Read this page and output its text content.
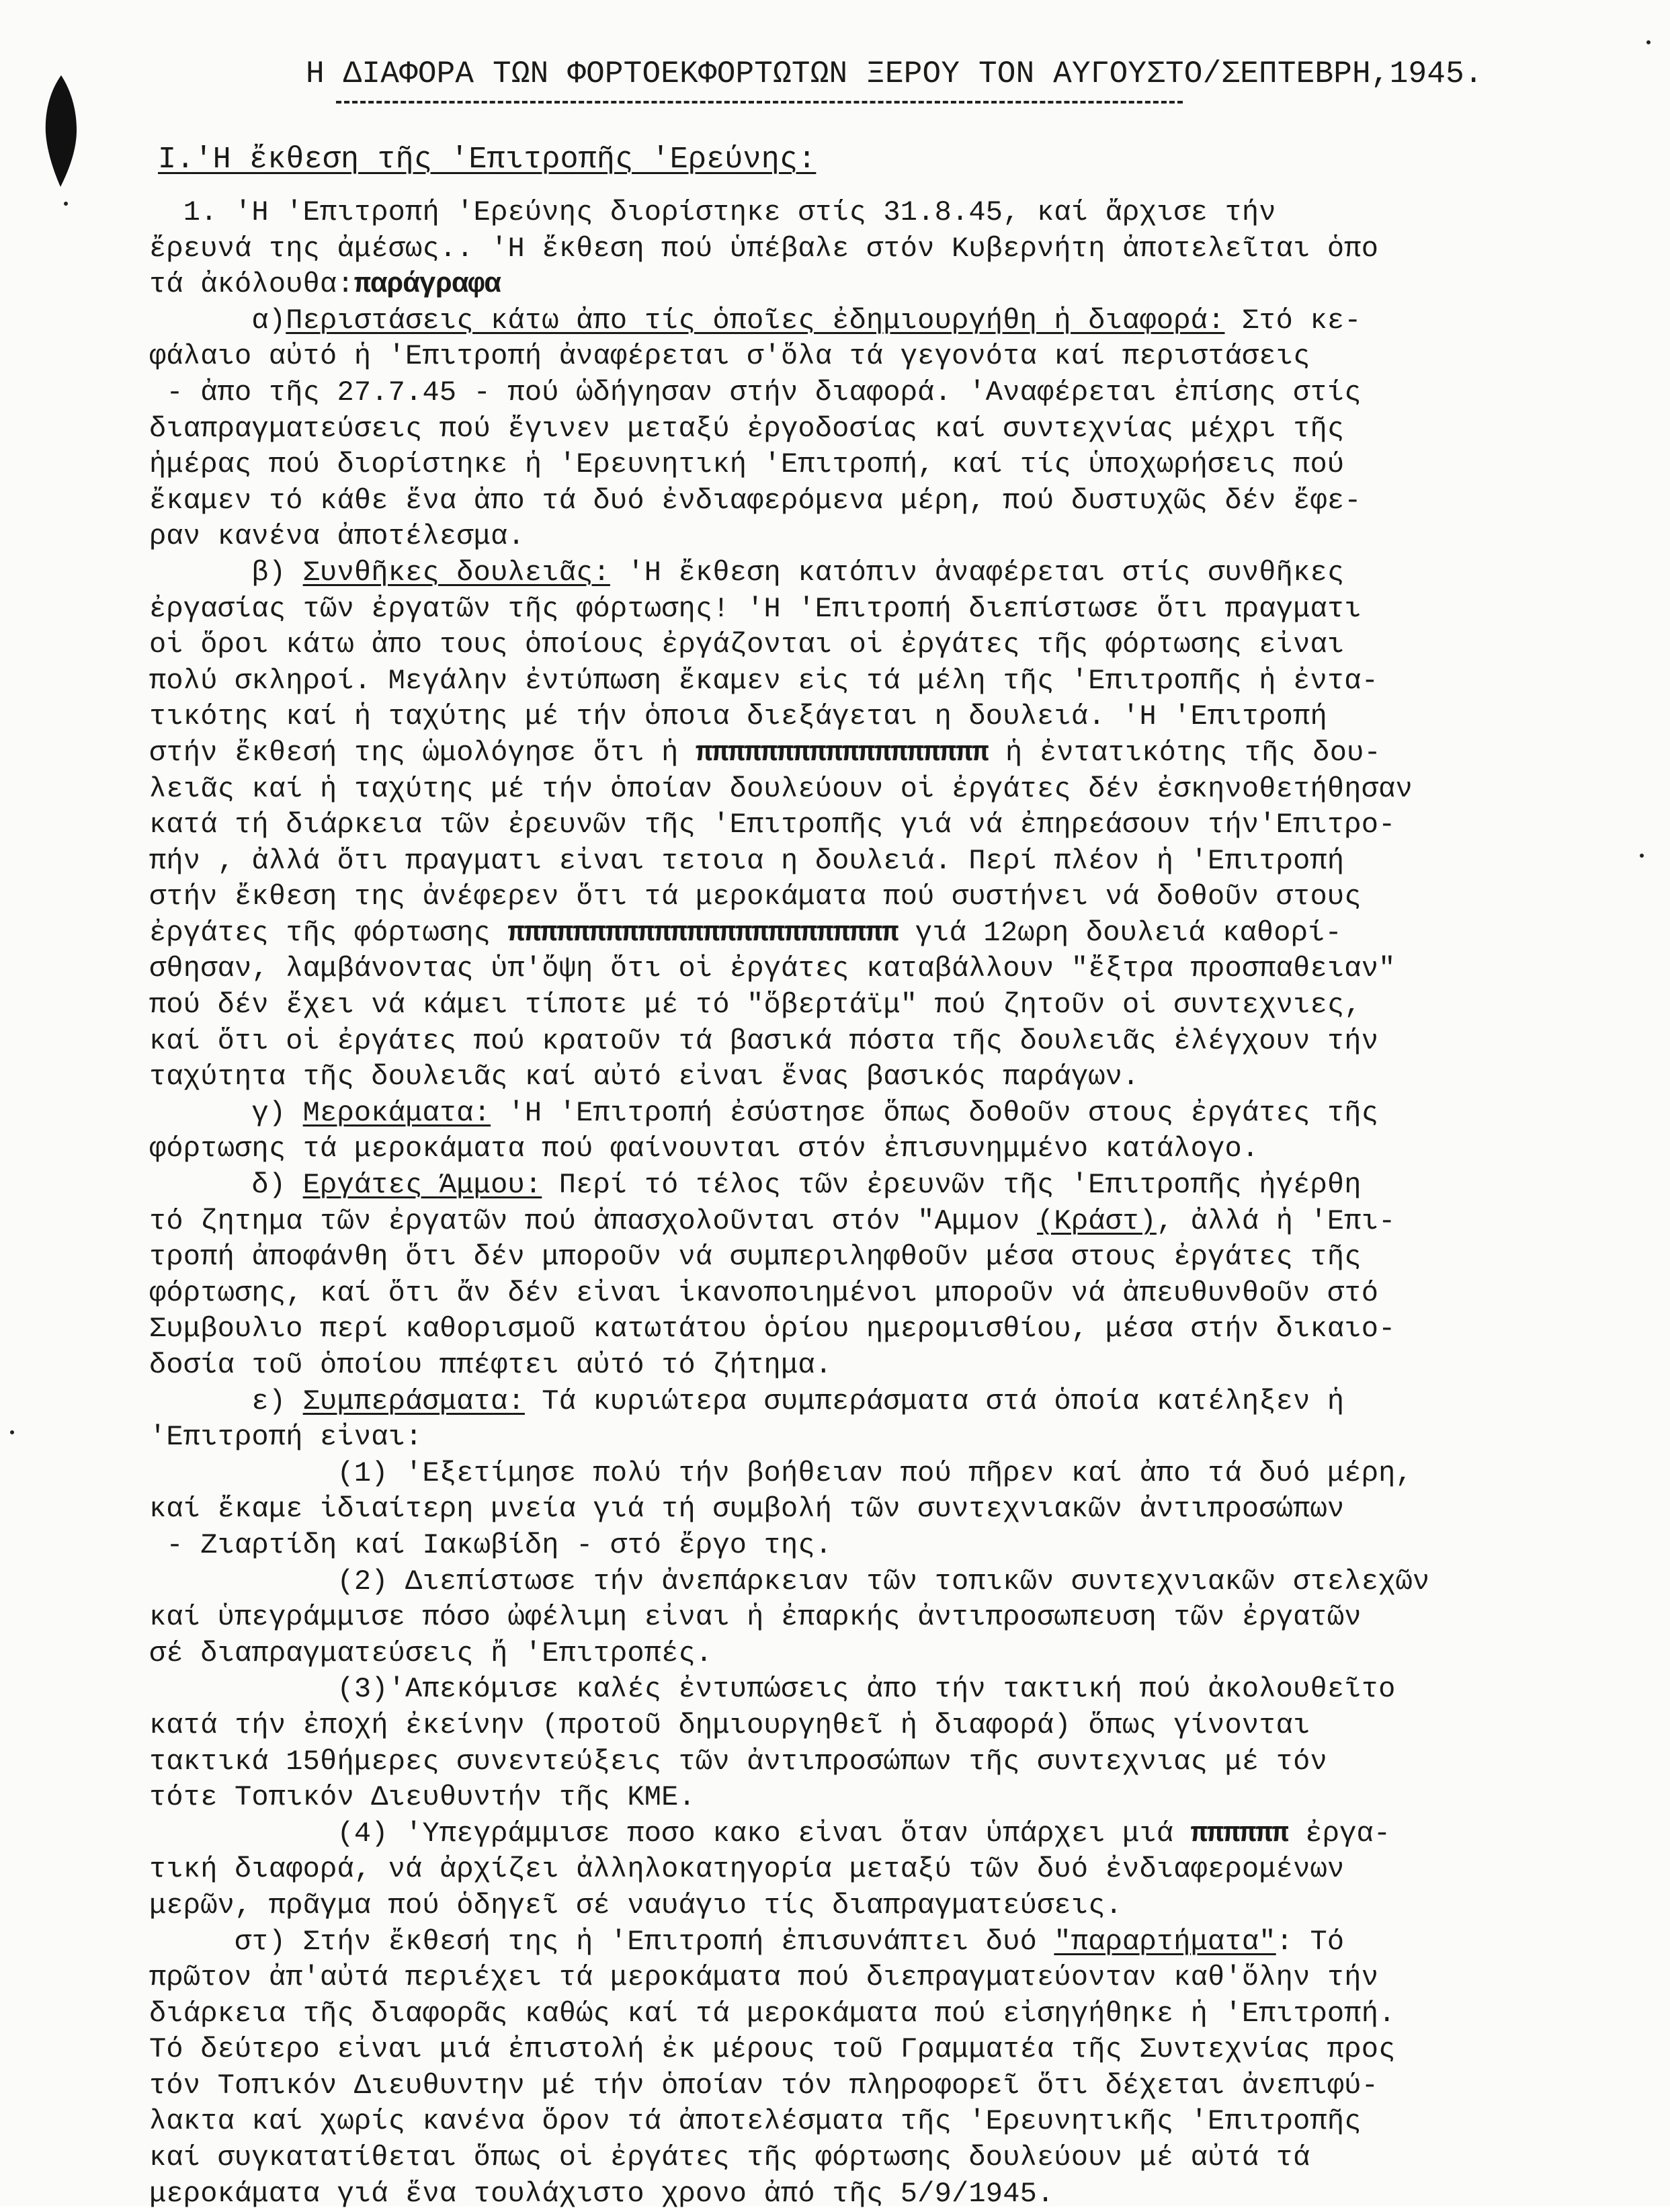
Η ΔΙΑΦΟΡΑ ΤΩΝ ΦΟΡΤΟΕΚΦΟΡΤΩΤΩΝ ΞΕΡΟΥ ΤΟΝ ΑΥΓΟΥΣΤΟ/ΣΕΠΤΕΒΡΗ,1945.
Ι.'Η ἔκθεση τῆς 'Επιτροπῆς 'Ερεύνης:
1. 'Η 'Επιτροπή 'Ερεύνης διορίστηκε στίς 31.8.45, καί ἄρχισε τήν
ἔρευνά της ἀμέσως.. 'Η ἔκθεση πού ὑπέβαλε στόν Κυβερνήτη ἀποτελεῖται ὁπο
τά ἀκόλουθα:παράγραφα
α)Περιστάσεις κάτω ἀπο τίς ὁποῖες ἐδημιουργήθη ἡ διαφορά: Στό κε-
φάλαιο αὐτό ἡ 'Επιτροπή ἀναφέρεται σ'ὅλα τά γεγονότα καί περιστάσεις
- ἀπο τῆς 27.7.45 - πού ὡδήγησαν στήν διαφορά. 'Αναφέρεται ἐπίσης στίς
διαπραγματεύσεις πού ἔγινεν μεταξύ ἐργοδοσίας καί συντεχνίας μέχρι τῆς
ἡμέρας πού διορίστηκε ἡ 'Ερευνητική 'Επιτροπή, καί τίς ὑποχωρήσεις πού
ἔκαμεν τό κάθε ἕνα ἀπο τά δυό ἐνδιαφερόμενα μέρη, πού δυστυχῶς δέν ἔφε-
ραν κανένα ἀποτέλεσμα.
β) Συνθῆκες δουλειᾶς: 'Η ἔκθεση κατόπιν ἀναφέρεται στίς συνθῆκες
ἐργασίας τῶν ἐργατῶν τῆς φόρτωσης! 'Η 'Επιτροπή διεπίστωσε ὅτι πραγματι
οἱ ὅροι κάτω ἀπο τους ὁποίους ἐργάζονται οἱ ἐργάτες τῆς φόρτωσης εἰναι
πολύ σκληροί. Μεγάλην ἐντύπωση ἔκαμεν εἰς τά μέλη τῆς 'Επιτροπῆς ἡ ἐντα-
τικότης καί ἡ ταχύτης μέ τήν ὁποια διεξάγεται η δουλειά. 'Η 'Επιτροπή
στήν ἔκθεσή της ὡμολόγησε ὅτι ἡ ππππππππππππππππππ ἡ ἐντατικότης τῆς δου-
λειᾶς καί ἡ ταχύτης μέ τήν ὁποίαν δουλεύουν οἱ ἐργάτες δέν ἐσκηνοθετήθησαν
κατά τή διάρκεια τῶν ἐρευνῶν τῆς 'Επιτροπῆς γιά νά ἐπηρεάσουν τήν'Επιτρο-
πήν , ἀλλά ὅτι πραγματι εἰναι τετοια η δουλειά. Περί πλέον ἡ 'Επιτροπή
στήν ἔκθεση της ἀνέφερεν ὅτι τά μεροκάματα πού συστήνει νά δοθοῦν στους
ἐργάτες τῆς φόρτωσης ππππππππππππππππππππππππ γιά 12ωρη δουλειά καθορί-
σθησαν, λαμβάνοντας ὑπ'ὄψη ὅτι οἱ ἐργάτες καταβάλλουν "ἔξτρα προσπαθειαν"
πού δέν ἔχει νά κάμει τίποτε μέ τό "ὅβερτάϊμ" πού ζητοῦν οἱ συντεχνιες,
καί ὅτι οἱ ἐργάτες πού κρατοῦν τά βασικά πόστα τῆς δουλειᾶς ἐλέγχουν τήν
ταχύτητα τῆς δουλειᾶς καί αὐτό εἰναι ἕνας βασικός παράγων.
γ) Μεροκάματα: 'Η 'Επιτροπή ἐσύστησε ὅπως δοθοῦν στους ἐργάτες τῆς
φόρτωσης τά μεροκάματα πού φαίνουνται στόν ἐπισυνημμένο κατάλογο.
δ) Εργάτες Άμμου: Περί τό τέλος τῶν ἐρευνῶν τῆς 'Επιτροπῆς ἠγέρθη
τό ζητημα τῶν ἐργατῶν πού ἀπασχολοῦνται στόν "Αμμον (Κράστ), ἀλλά ἡ 'Επι-
τροπή ἀποφάνθη ὅτι δέν μποροῦν νά συμπεριληφθοῦν μέσα στους ἐργάτες τῆς
φόρτωσης, καί ὅτι ἄν δέν εἰναι ἱκανοποιημένοι μποροῦν νά ἀπευθυνθοῦν στό
Συμβουλιο περί καθορισμοῦ κατωτάτου ὁρίου ημερομισθίου, μέσα στήν δικαιο-
δοσία τοῦ ὁποίου ππέφτει αὐτό τό ζήτημα.
ε) Συμπεράσματα: Τά κυριώτερα συμπεράσματα στά ὁποία κατέληξεν ἡ
'Επιτροπή εἰναι:
(1) 'Εξετίμησε πολύ τήν βοήθειαν πού πῆρεν καί ἀπο τά δυό μέρη,
καί ἔκαμε ἰδιαίτερη μνεία γιά τή συμβολή τῶν συντεχνιακῶν ἀντιπροσώπων
- Ζιαρτίδη καί Ιακωβίδη - στό ἔργο της.
(2) Διεπίστωσε τήν ἀνεπάρκειαν τῶν τοπικῶν συντεχνιακῶν στελεχῶν
καί ὑπεγράμμισε πόσο ὠφέλιμη εἰναι ἡ ἐπαρκής ἀντιπροσωπευση τῶν ἐργατῶν
σέ διαπραγματεύσεις ἤ 'Επιτροπές.
(3)'Απεκόμισε καλές ἐντυπώσεις ἀπο τήν τακτική πού ἀκολουθεῖτο
κατά τήν ἐποχή ἐκείνην (προτοῦ δημιουργηθεῖ ἡ διαφορά) ὅπως γίνονται
τακτικά 15θήμερες συνεντεύξεις τῶν ἀντιπροσώπων τῆς συντεχνιας μέ τόν
τότε Τοπικόν Διευθυντήν τῆς ΚΜΕ.
(4) 'Υπεγράμμισε ποσο κακο εἰναι ὅταν ὑπάρχει μιά ππππππ ἐργα-
τική διαφορά, νά ἀρχίζει ἀλληλοκατηγορία μεταξύ τῶν δυό ἐνδιαφερομένων
μερῶν, πρᾶγμα πού ὁδηγεῖ σέ ναυάγιο τίς διαπραγματεύσεις.
στ) Στήν ἔκθεσή της ἡ 'Επιτροπή ἐπισυνάπτει δυό "παραρτήματα": Τό
πρῶτον ἀπ'αὐτά περιέχει τά μεροκάματα πού διεπραγματεύονταν καθ'ὅλην τήν
διάρκεια τῆς διαφορᾶς καθώς καί τά μεροκάματα πού εἰσηγήθηκε ἡ 'Επιτροπή.
Τό δεύτερο εἰναι μιά ἐπιστολή ἐκ μέρους τοῦ Γραμματέα τῆς Συντεχνίας προς
τόν Τοπικόν Διευθυντην μέ τήν ὁποίαν τόν πληροφορεῖ ὅτι δέχεται ἀνεπιφύ-
λακτα καί χωρίς κανένα ὅρον τά ἀποτελέσματα τῆς 'Ερευνητικῆς 'Επιτροπῆς
καί συγκατατίθεται ὅπως οἱ ἐργάτες τῆς φόρτωσης δουλεύουν μέ αὐτά τά
μεροκάματα γιά ἕνα τουλάχιστο χρονο ἀπό τῆς 5/9/1945.
